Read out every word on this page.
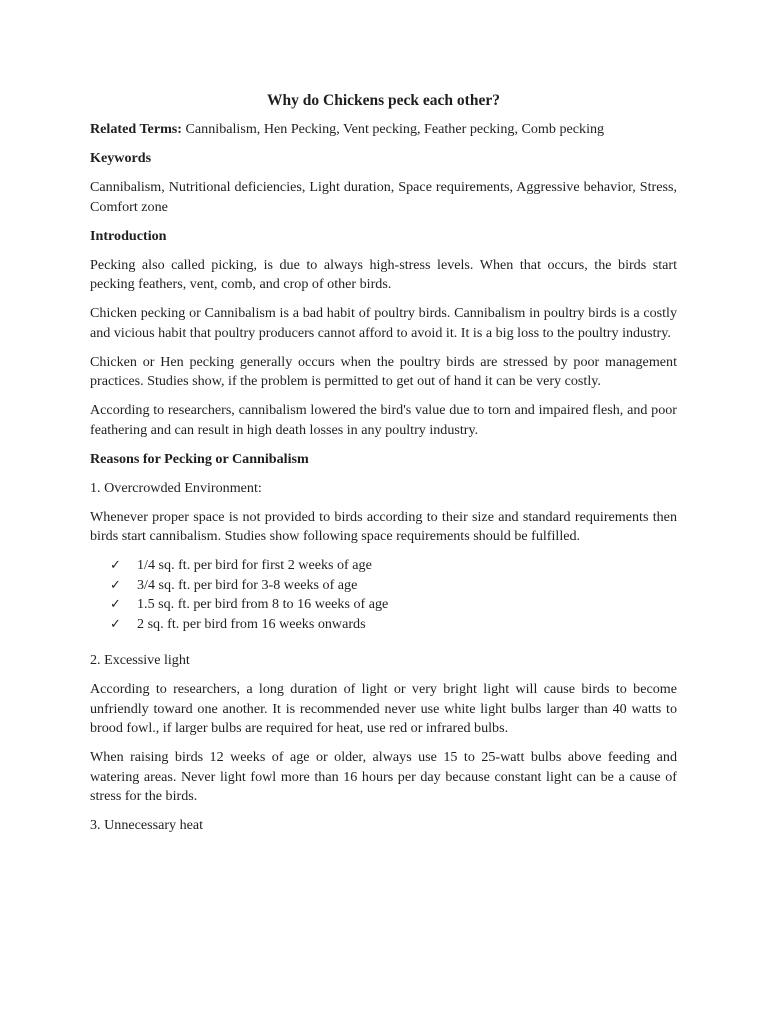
Why do Chickens peck each other?

Related Terms: Cannibalism, Hen Pecking, Vent pecking, Feather pecking, Comb pecking

Keywords

Cannibalism, Nutritional deficiencies, Light duration, Space requirements, Aggressive behavior, Stress, Comfort zone

Introduction

Pecking also called picking, is due to always high-stress levels. When that occurs, the birds start pecking feathers, vent, comb, and crop of other birds.

Chicken pecking or Cannibalism is a bad habit of poultry birds. Cannibalism in poultry birds is a costly and vicious habit that poultry producers cannot afford to avoid it. It is a big loss to the poultry industry.

Chicken or Hen pecking generally occurs when the poultry birds are stressed by poor management practices. Studies show, if the problem is permitted to get out of hand it can be very costly.

According to researchers, cannibalism lowered the bird's value due to torn and impaired flesh, and poor feathering and can result in high death losses in any poultry industry.

Reasons for Pecking or Cannibalism

1. Overcrowded Environment:

Whenever proper space is not provided to birds according to their size and standard requirements then birds start cannibalism. Studies show following space requirements should be fulfilled.

✓ 1/4 sq. ft. per bird for first 2 weeks of age
✓ 3/4 sq. ft. per bird for 3-8 weeks of age
✓ 1.5 sq. ft. per bird from 8 to 16 weeks of age
✓ 2 sq. ft. per bird from 16 weeks onwards

2. Excessive light

According to researchers, a long duration of light or very bright light will cause birds to become unfriendly toward one another. It is recommended never use white light bulbs larger than 40 watts to brood fowl., if larger bulbs are required for heat, use red or infrared bulbs.

When raising birds 12 weeks of age or older, always use 15 to 25-watt bulbs above feeding and watering areas. Never light fowl more than 16 hours per day because constant light can be a cause of stress for the birds.

3. Unnecessary heat
